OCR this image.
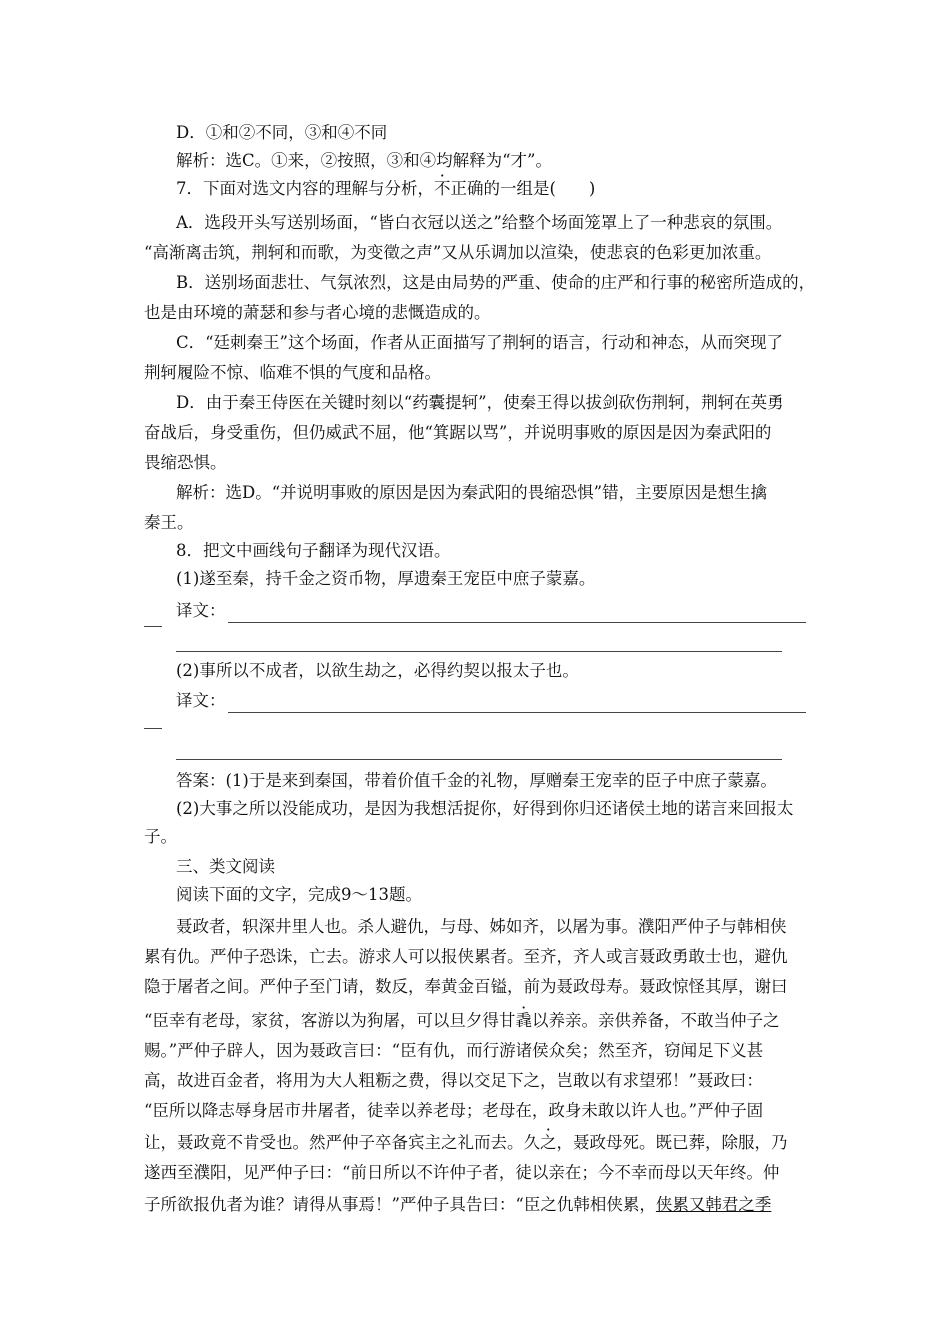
D．①和②不同，③和④不同
解析：选C。①来，②按照，③和④均解释为“才”。
7．下面对选文内容的理解与分析，不正确的一组是(　　)
A．选段开头写送别场面，“皆白衣冠以送之”给整个场面笼罩上了一种悲哀的氛围。
“高渐离击筑，荆轲和而歌，为变徵之声”又从乐调加以渲染，使悲哀的色彩更加浓重。
B．送别场面悲壮、气氛浓烈，这是由局势的严重、使命的庄严和行事的秘密所造成的，
也是由环境的萧瑟和参与者心境的悲慨造成的。
C．“廷刺秦王”这个场面，作者从正面描写了荆轲的语言，行动和神态，从而突现了
荆轲履险不惊、临难不惧的气度和品格。
D．由于秦王侍医在关键时刻以“药囊提轲”，使秦王得以拔剑砍伤荆轲，荆轲在英勇
奋战后，身受重伤，但仍威武不屈，他“箕踞以骂”，并说明事败的原因是因为秦武阳的
畏缩恐惧。
解析：选D。“并说明事败的原因是因为秦武阳的畏缩恐惧”错，主要原因是想生擒
秦王。
8．把文中画线句子翻译为现代汉语。
(1)遂至秦，持千金之资币物，厚遗秦王宠臣中庶子蒙嘉。
译文：
(2)事所以不成者，以欲生劫之，必得约契以报太子也。
译文：
答案：(1)于是来到秦国，带着价值千金的礼物，厚赠秦王宠幸的臣子中庶子蒙嘉。
(2)大事之所以没能成功，是因为我想活捉你，好得到你归还诸侯土地的诺言来回报太
子。
三、类文阅读
阅读下面的文字，完成9～13题。
聂政者，轵深井里人也。杀人避仇，与母、姊如齐，以屠为事。濮阳严仲子与韩相侠
累有仇。严仲子恐诛，亡去。游求人可以报侠累者。至齐，齐人或言聂政勇敢士也，避仇
隐于屠者之间。严仲子至门请，数反，奉黄金百镒，前为聂政母寿。聂政惊怪其厚，谢曰
“臣幸有老母，家贫，客游以为狗屠，可以旦夕得甘毳以养亲。亲供养备，不敢当仲子之
赐。”严仲子辟人，因为聂政言曰：“臣有仇，而行游诸侯众矣；然至齐，窃闻足下义甚
高，故进百金者，将用为大人粗粝之费，得以交足下之，岂敢以有求望邪！”聂政曰：
“臣所以降志辱身居市井屠者，徒幸以养老母；老母在，政身未敢以许人也。”严仲子固
让，聂政竟不肯受也。然严仲子卒备宾主之礼而去。久之，聂政母死。既已葬，除服，乃
遂西至濮阳，见严仲子曰：“前日所以不许仲子者，徒以亲在；今不幸而母以天年终。仲
子所欲报仇者为谁？请得从事焉！”严仲子具告曰：“臣之仇韩相侠累，侠累又韩君之季
